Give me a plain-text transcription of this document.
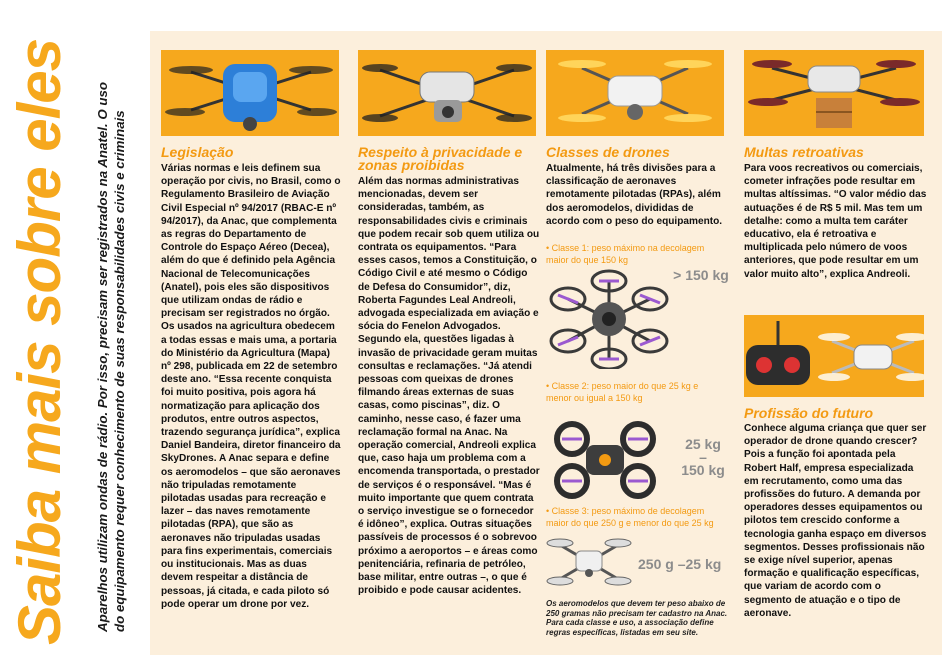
Saiba mais sobre eles Aparelhos utilizam ondas de rádio. Por isso, precisam ser registrados na Anatel. O uso do equipamento requer conhecimento de suas responsabilidades civis e criminais Legislação

Várias normas e leis definem sua operação por civis, no Brasil, como o Regulamento Brasileiro de Aviação Civil Especial nº 94/2017 (RBAC-E nº 94/2017), da Anac, que complementa as regras do Departamento de Controle do Espaço Aéreo (Decea), além do que é definido pela Agência Nacional de Telecomunicações (Anatel), pois eles são dispositivos que utilizam ondas de rádio e precisam ser registrados no órgão. Os usados na agricultura obedecem a todas essas e mais uma, a portaria do Ministério da Agricultura (Mapa) nº 298, publicada em 22 de setembro deste ano. “Essa recente conquista foi muito positiva, pois agora há normatização para aplicação dos produtos, entre outros aspectos, trazendo segurança jurídica”, explica Daniel Bandeira, diretor financeiro da SkyDrones. A Anac separa e define os aeromodelos – que são aeronaves não tripuladas remotamente pilotadas usadas para recreação e lazer – das naves remotamente pilotadas (RPA), que são as aeronaves não tripuladas usadas para fins experimentais, comerciais ou institucionais. Mas as duas devem respeitar a distância de pessoas, já citada, e cada piloto só pode operar um drone por vez.

Respeito à privacidade e zonas proibidas

Além das normas administrativas mencionadas, devem ser consideradas, também, as responsabilidades civis e criminais que podem recair sob quem utiliza ou contrata os equipamentos. “Para esses casos, temos a Constituição, o Código Civil e até mesmo o Código de Defesa do Consumidor”, diz, Roberta Fagundes Leal Andreoli, advogada especializada em aviação e sócia do Fenelon Advogados. Segundo ela, questões ligadas à invasão de privacidade geram muitas consultas e reclamações. “Já atendi pessoas com queixas de drones filmando áreas externas de suas casas, como piscinas”, diz. O caminho, nesse caso, é fazer uma reclamação formal na Anac. Na operação comercial, Andreoli explica que, caso haja um problema com a encomenda transportada, o prestador de serviços é o responsável. “Mas é muito importante que quem contrata o serviço investigue se o fornecedor é idôneo”, explica. Outras situações passíveis de processos é o sobrevoo próximo a aeroportos – e áreas como penitenciária, refinaria de petróleo, base militar, entre outras –, o que é proibido e pode causar acidentes.

Classes de drones

Atualmente, há três divisões para a classificação de aeronaves remotamente pilotadas (RPAs), além dos aeromodelos, divididas de acordo com o peso do equipamento.

• Classe 1: peso máximo na decolagem maior do que 150 kg
> 150 kg
• Classe 2: peso maior do que 25 kg e menor ou igual a 150 kg
25 kg
–
150 kg
• Classe 3: peso máximo de decolagem maior do que 250 g e menor do que 25 kg
250 g –25 kg
Os aeromodelos que devem ter peso abaixo de 250 gramas não precisam ter cadastro na Anac. Para cada classe e uso, a associação define regras específicas, listadas em seu site.
Multas retroativas

Para voos recreativos ou comerciais, cometer infrações pode resultar em multas altíssimas. “O valor médio das autuações é de R$ 5 mil. Mas tem um detalhe: como a multa tem caráter educativo, ela é retroativa e multiplicada pelo número de voos anteriores, que pode resultar em um valor muito alto”, explica Andreoli.

Profissão do futuro

Conhece alguma criança que quer ser operador de drone quando crescer? Pois a função foi apontada pela Robert Half, empresa especializada em recrutamento, como uma das profissões do futuro. A demanda por operadores desses equipamentos ou pilotos tem crescido conforme a tecnologia ganha espaço em diversos segmentos. Desses profissionais não se exige nível superior, apenas formação e qualificação específicas, que variam de acordo com o segmento de atuação e o tipo de aeronave.
